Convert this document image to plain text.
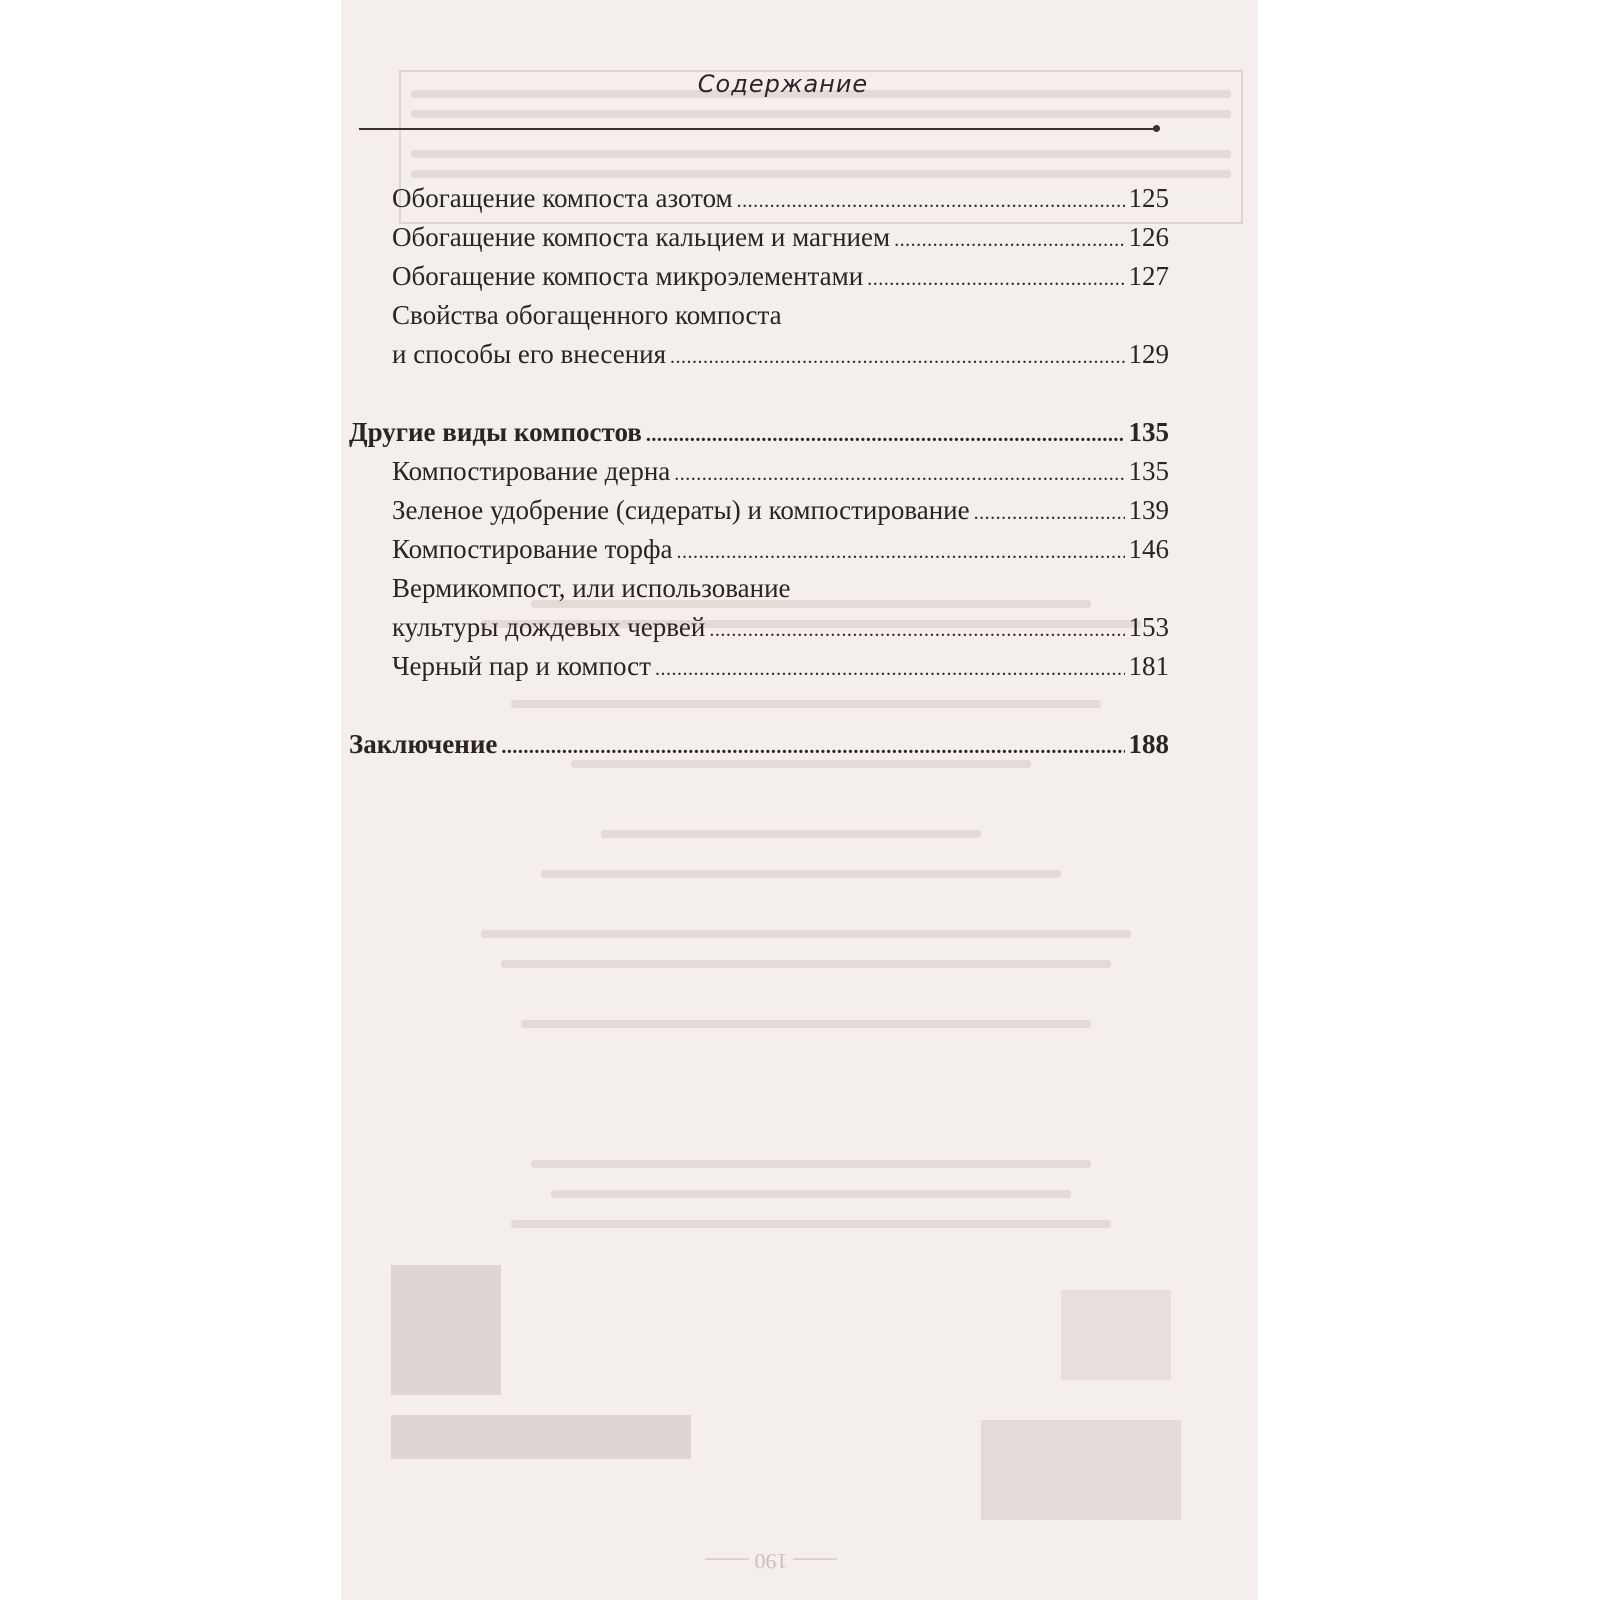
—— 190 ——
Содержание
Обогащение компоста азотом .....	125
Обогащение компоста кальцием и магнием .....	126
Обогащение компоста микроэлементами .....	127
Свойства обогащенного компоста
и способы его внесения .....	129
Другие виды компостов .....	135
Компостирование дерна .....	135
Зеленое удобрение (сидераты) и компостирование .....	139
Компостирование торфа .....	146
Вермикомпост, или использование
культуры дождевых червей .....	153
Черный пар и компост .....	181
Заключение .....	188
